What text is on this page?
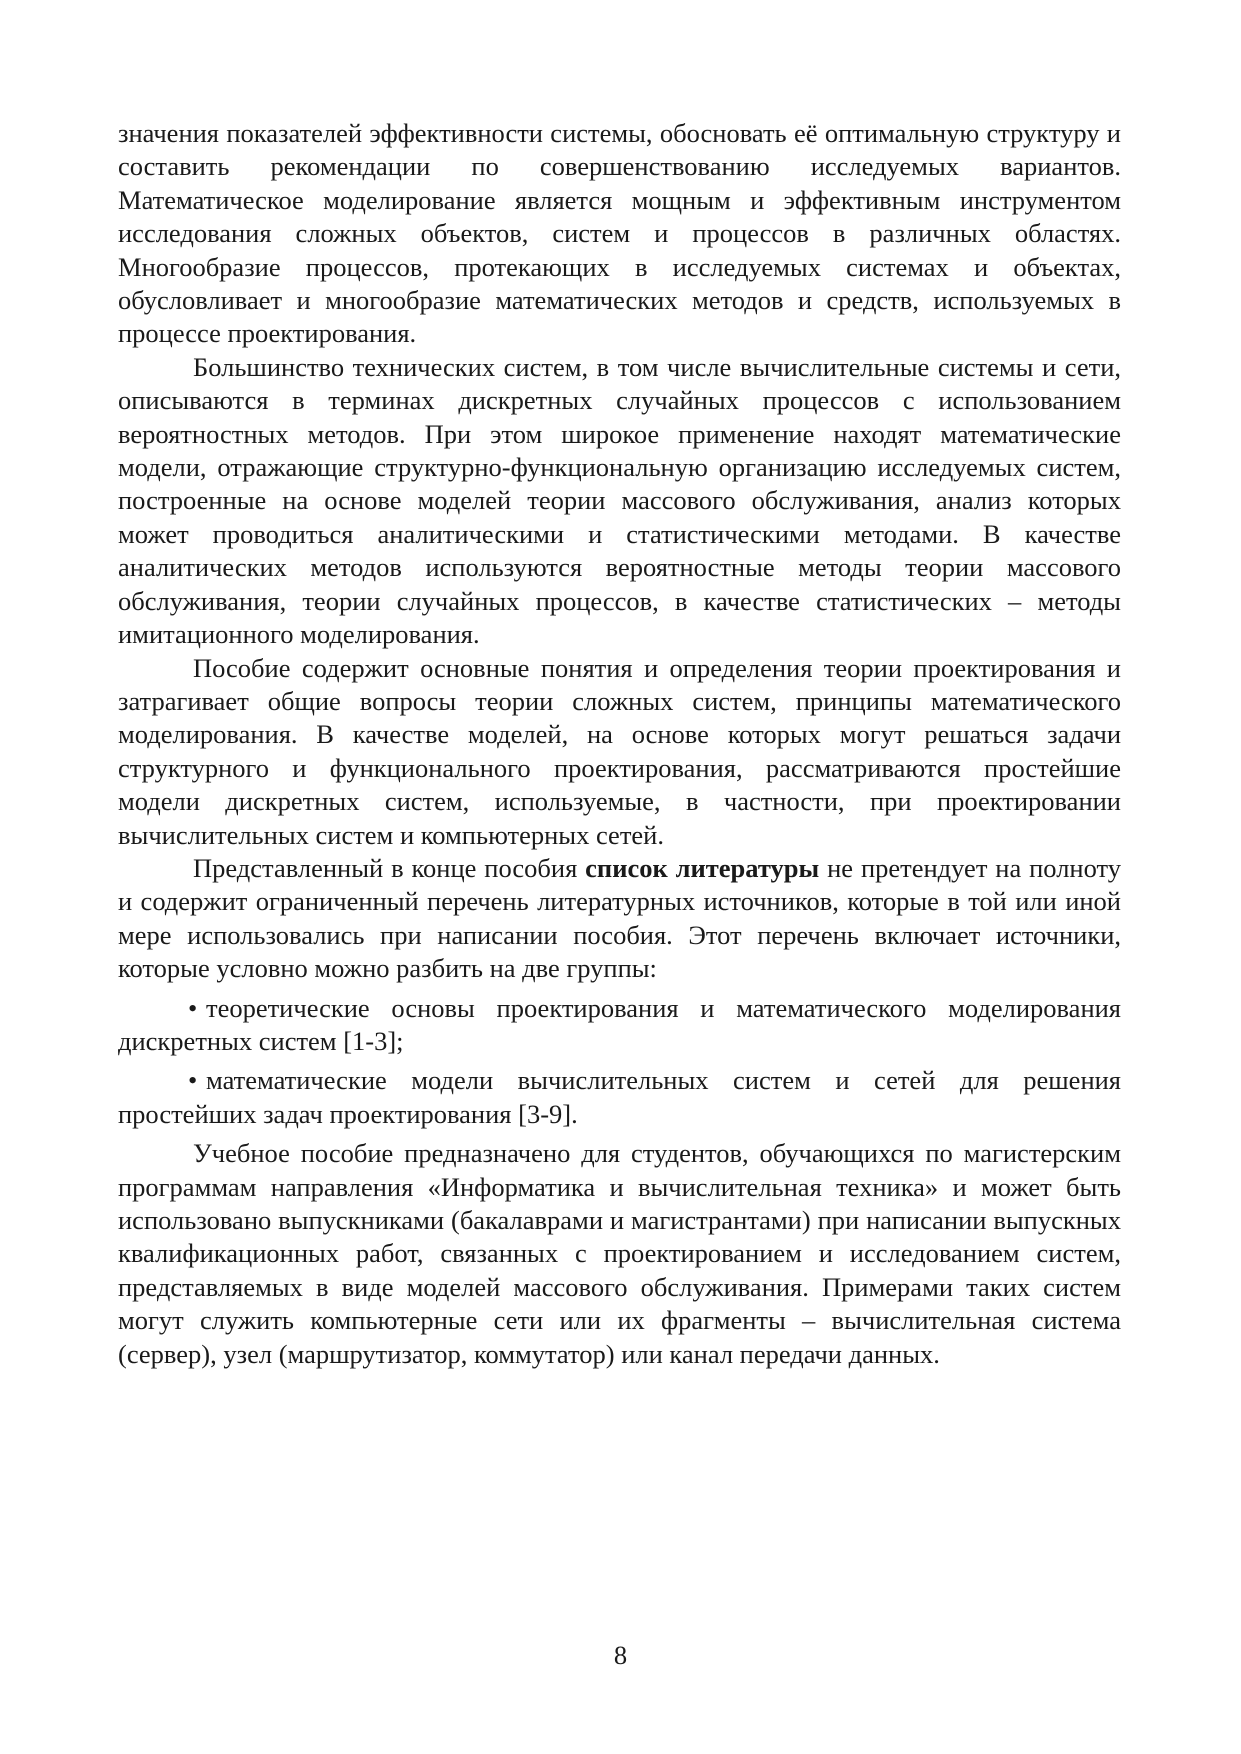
значения показателей эффективности системы, обосновать её оптимальную структуру и составить рекомендации по совершенствованию исследуемых вариантов. Математическое моделирование является мощным и эффективным инструментом исследования сложных объектов, систем и процессов в различных областях. Многообразие процессов, протекающих в исследуемых системах и объектах, обусловливает и многообразие математических методов и средств, используемых в процессе проектирования.

Большинство технических систем, в том числе вычислительные системы и сети, описываются в терминах дискретных случайных процессов с использованием вероятностных методов. При этом широкое применение находят математические модели, отражающие структурно-функциональную организацию исследуемых систем, построенные на основе моделей теории массового обслуживания, анализ которых может проводиться аналитическими и статистическими методами. В качестве аналитических методов используются вероятностные методы теории массового обслуживания, теории случайных процессов, в качестве статистических – методы имитационного моделирования.

Пособие содержит основные понятия и определения теории проектирования и затрагивает общие вопросы теории сложных систем, принципы математического моделирования. В качестве моделей, на основе которых могут решаться задачи структурного и функционального проектирования, рассматриваются простейшие модели дискретных систем, используемые, в частности, при проектировании вычислительных систем и компьютерных сетей.

Представленный в конце пособия список литературы не претендует на полноту и содержит ограниченный перечень литературных источников, которые в той или иной мере использовались при написании пособия. Этот перечень включает источники, которые условно можно разбить на две группы:

• теоретические основы проектирования и математического моделирования дискретных систем [1-3];

• математические модели вычислительных систем и сетей для решения простейших задач проектирования [3-9].

Учебное пособие предназначено для студентов, обучающихся по магистерским программам направления «Информатика и вычислительная техника» и может быть использовано выпускниками (бакалаврами и магистрантами) при написании выпускных квалификационных работ, связанных с проектированием и исследованием систем, представляемых в виде моделей массового обслуживания. Примерами таких систем могут служить компьютерные сети или их фрагменты – вычислительная система (сервер), узел (маршрутизатор, коммутатор) или канал передачи данных.

8
